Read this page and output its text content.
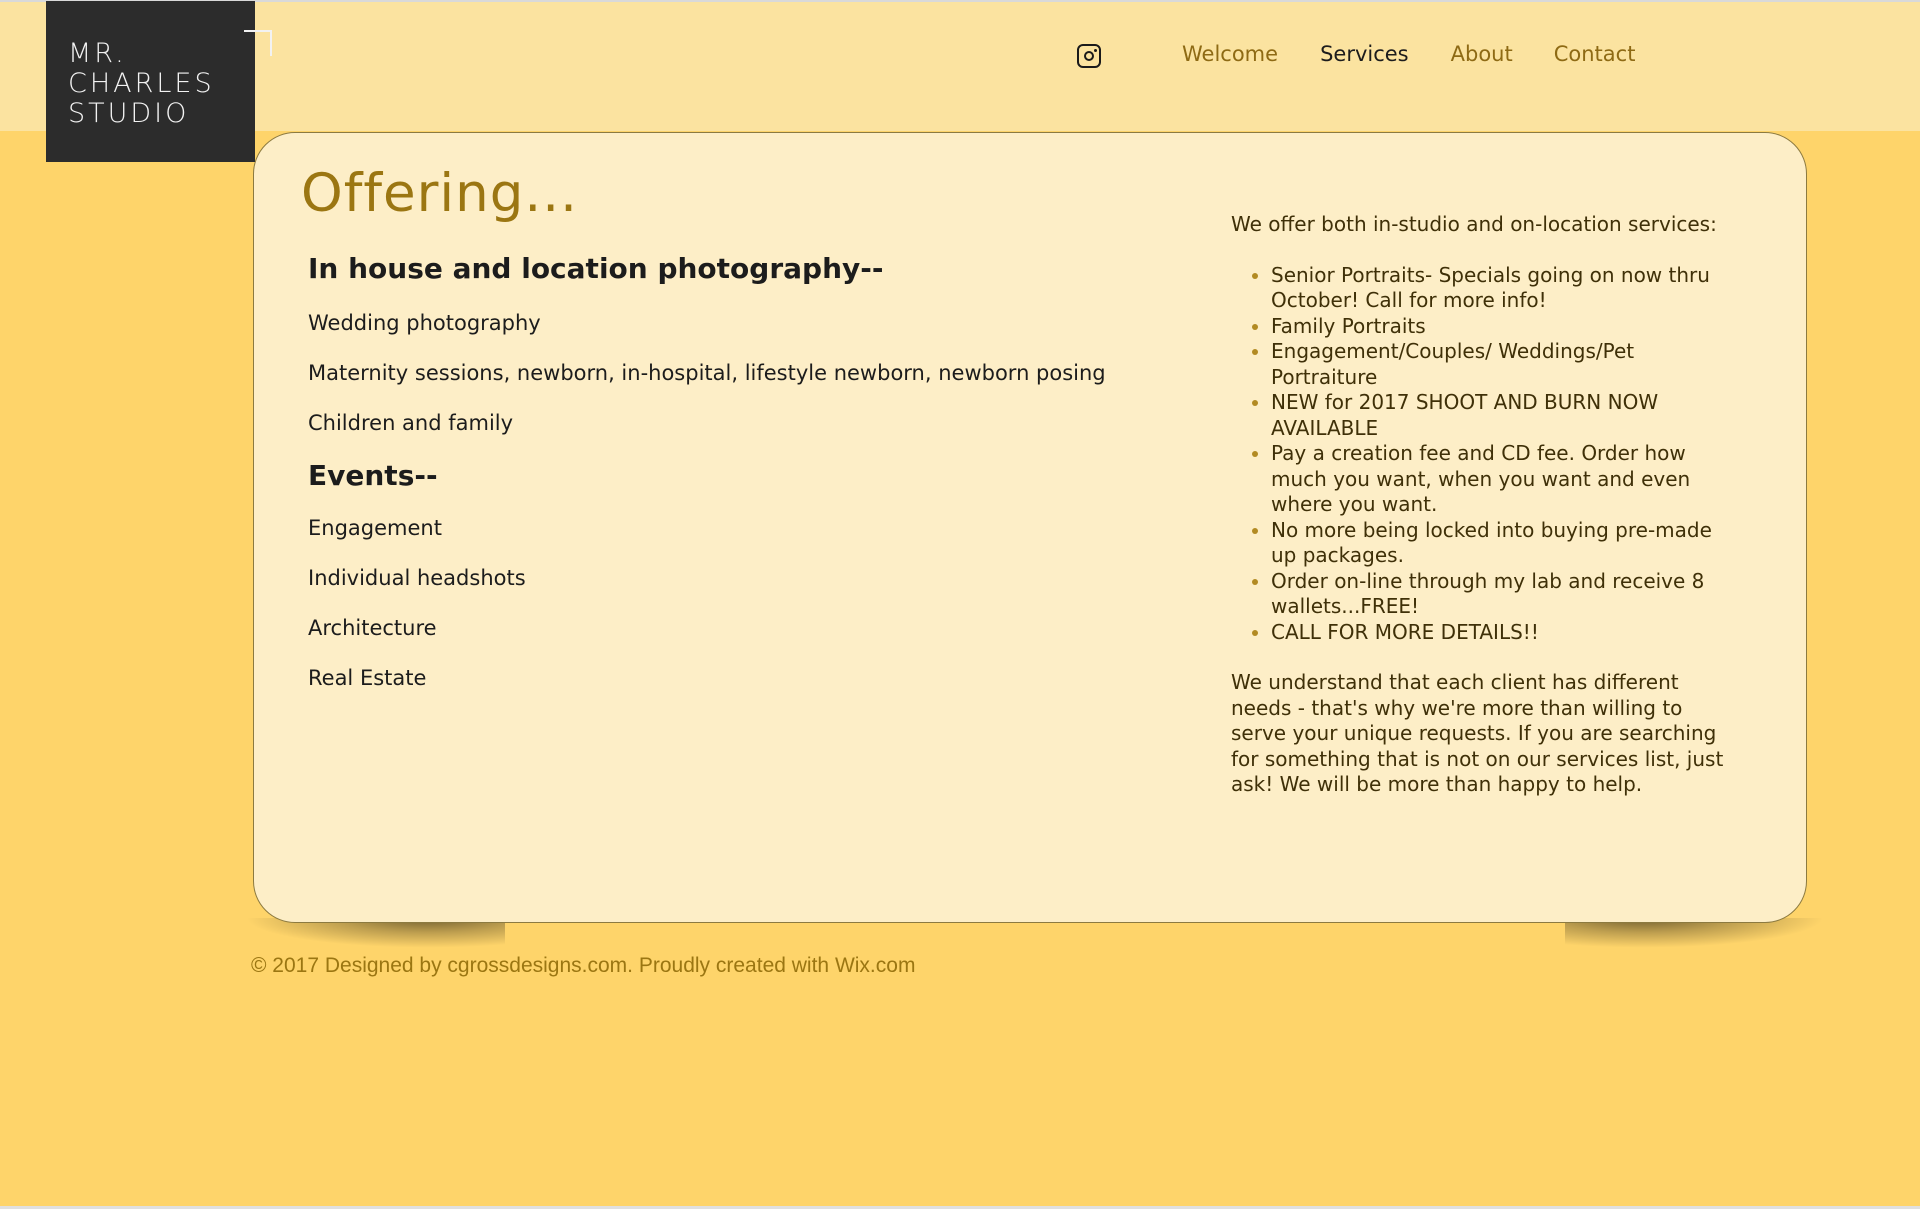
MR.
CHARLES
STUDIO
Welcome Services About Contact
Offering...
In house and location photography--
Wedding photography
Maternity sessions, newborn, in-hospital, lifestyle newborn, newborn posing
Children and family
Events--
Engagement
Individual headshots
Architecture
Real Estate

We offer both in-studio and on-location services:

• Senior Portraits- Specials going on now thru October! Call for more info!
• Family Portraits
• Engagement/Couples/ Weddings/Pet Portraiture
• NEW for 2017 SHOOT AND BURN NOW AVAILABLE
• Pay a creation fee and CD fee. Order how much you want, when you want and even where you want.
• No more being locked into buying pre-made up packages.
• Order on-line through my lab and receive 8 wallets...FREE!
• CALL FOR MORE DETAILS!!

We understand that each client has different needs - that's why we're more than willing to serve your unique requests. If you are searching for something that is not on our services list, just ask! We will be more than happy to help.

© 2017 Designed by cgrossdesigns.com. Proudly created with Wix.com
